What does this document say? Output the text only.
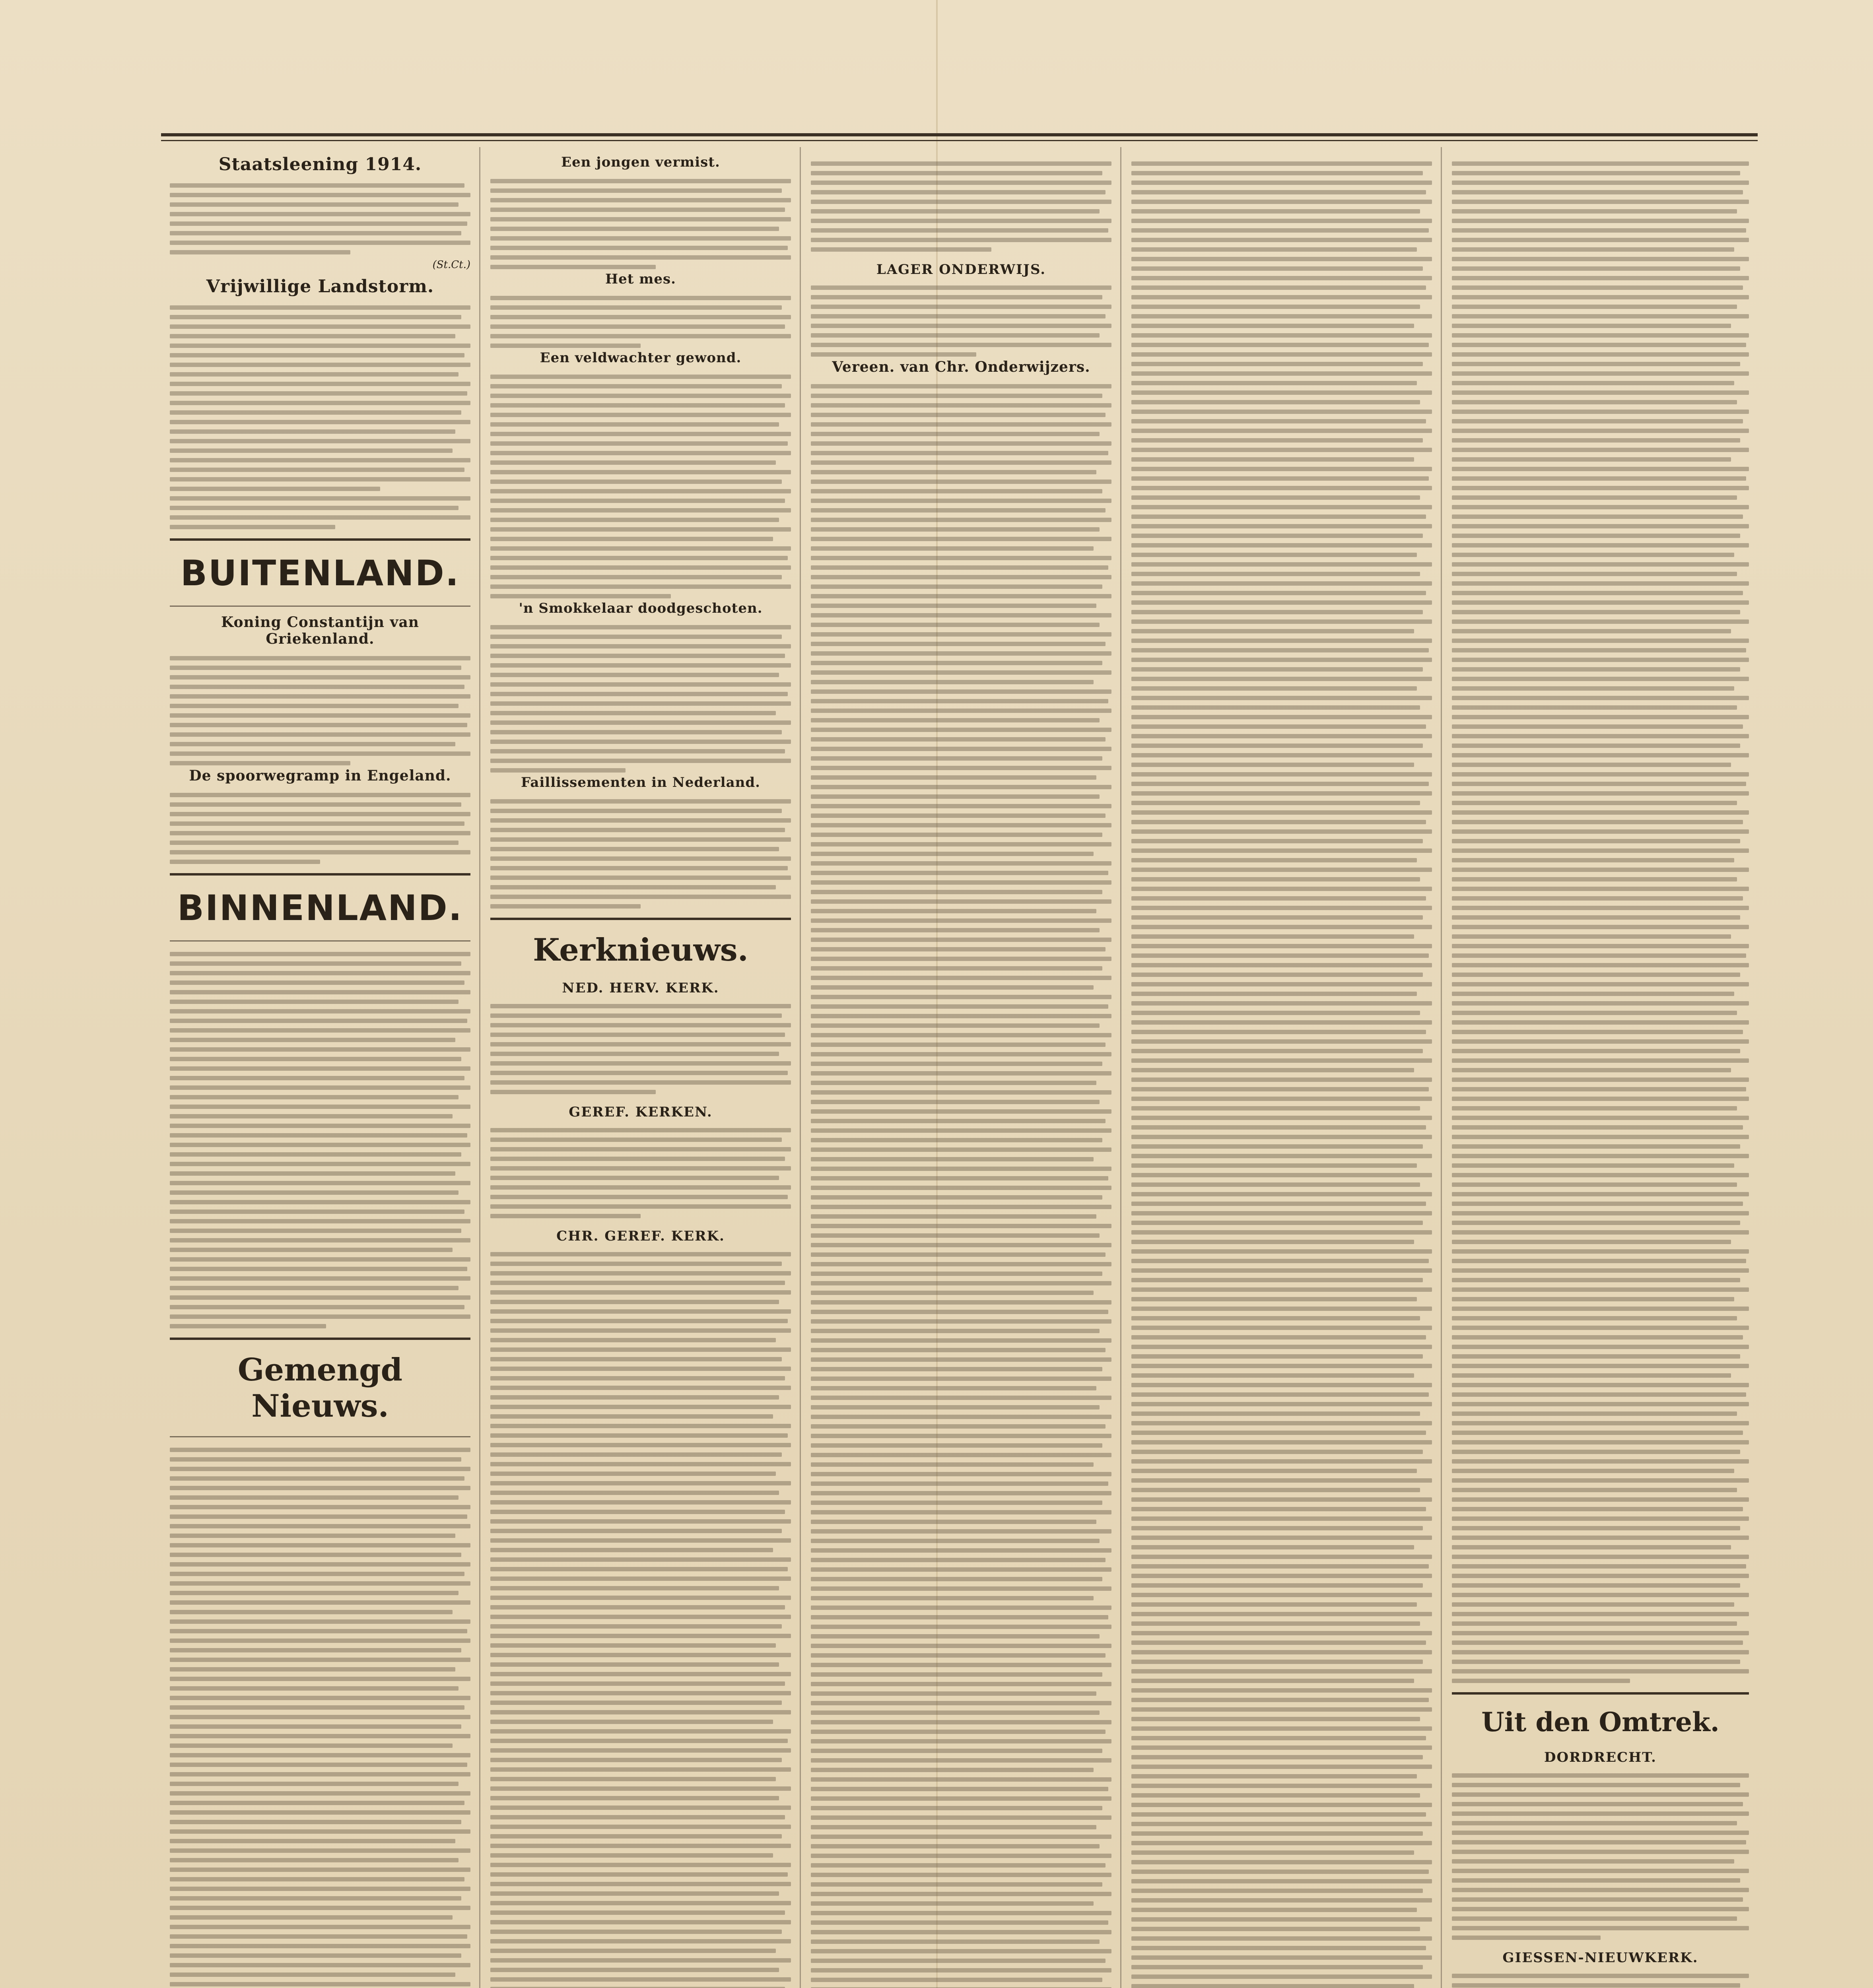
Staatsleening 1914.
(St.Ct.)
Vrijwillige Landstorm.
BUITENLAND.
Koning Constantijn van Griekenland.
De spoorwegramp in Engeland.
BINNENLAND.
Gemengd Nieuws.
Een jongen vermist.
Het mes.
Een veldwachter gewond.
'n Smokkelaar doodgeschoten.
Faillissementen in Nederland.
Kerknieuws.
NED. HERV. KERK.
GEREF. KERKEN.
CHR. GEREF. KERK.
LAGER ONDERWIJS.
Vereen. van Chr. Onderwijzers.
Uit den Omtrek.
DORDRECHT.
GIESSEN-NIEUWKERK.
